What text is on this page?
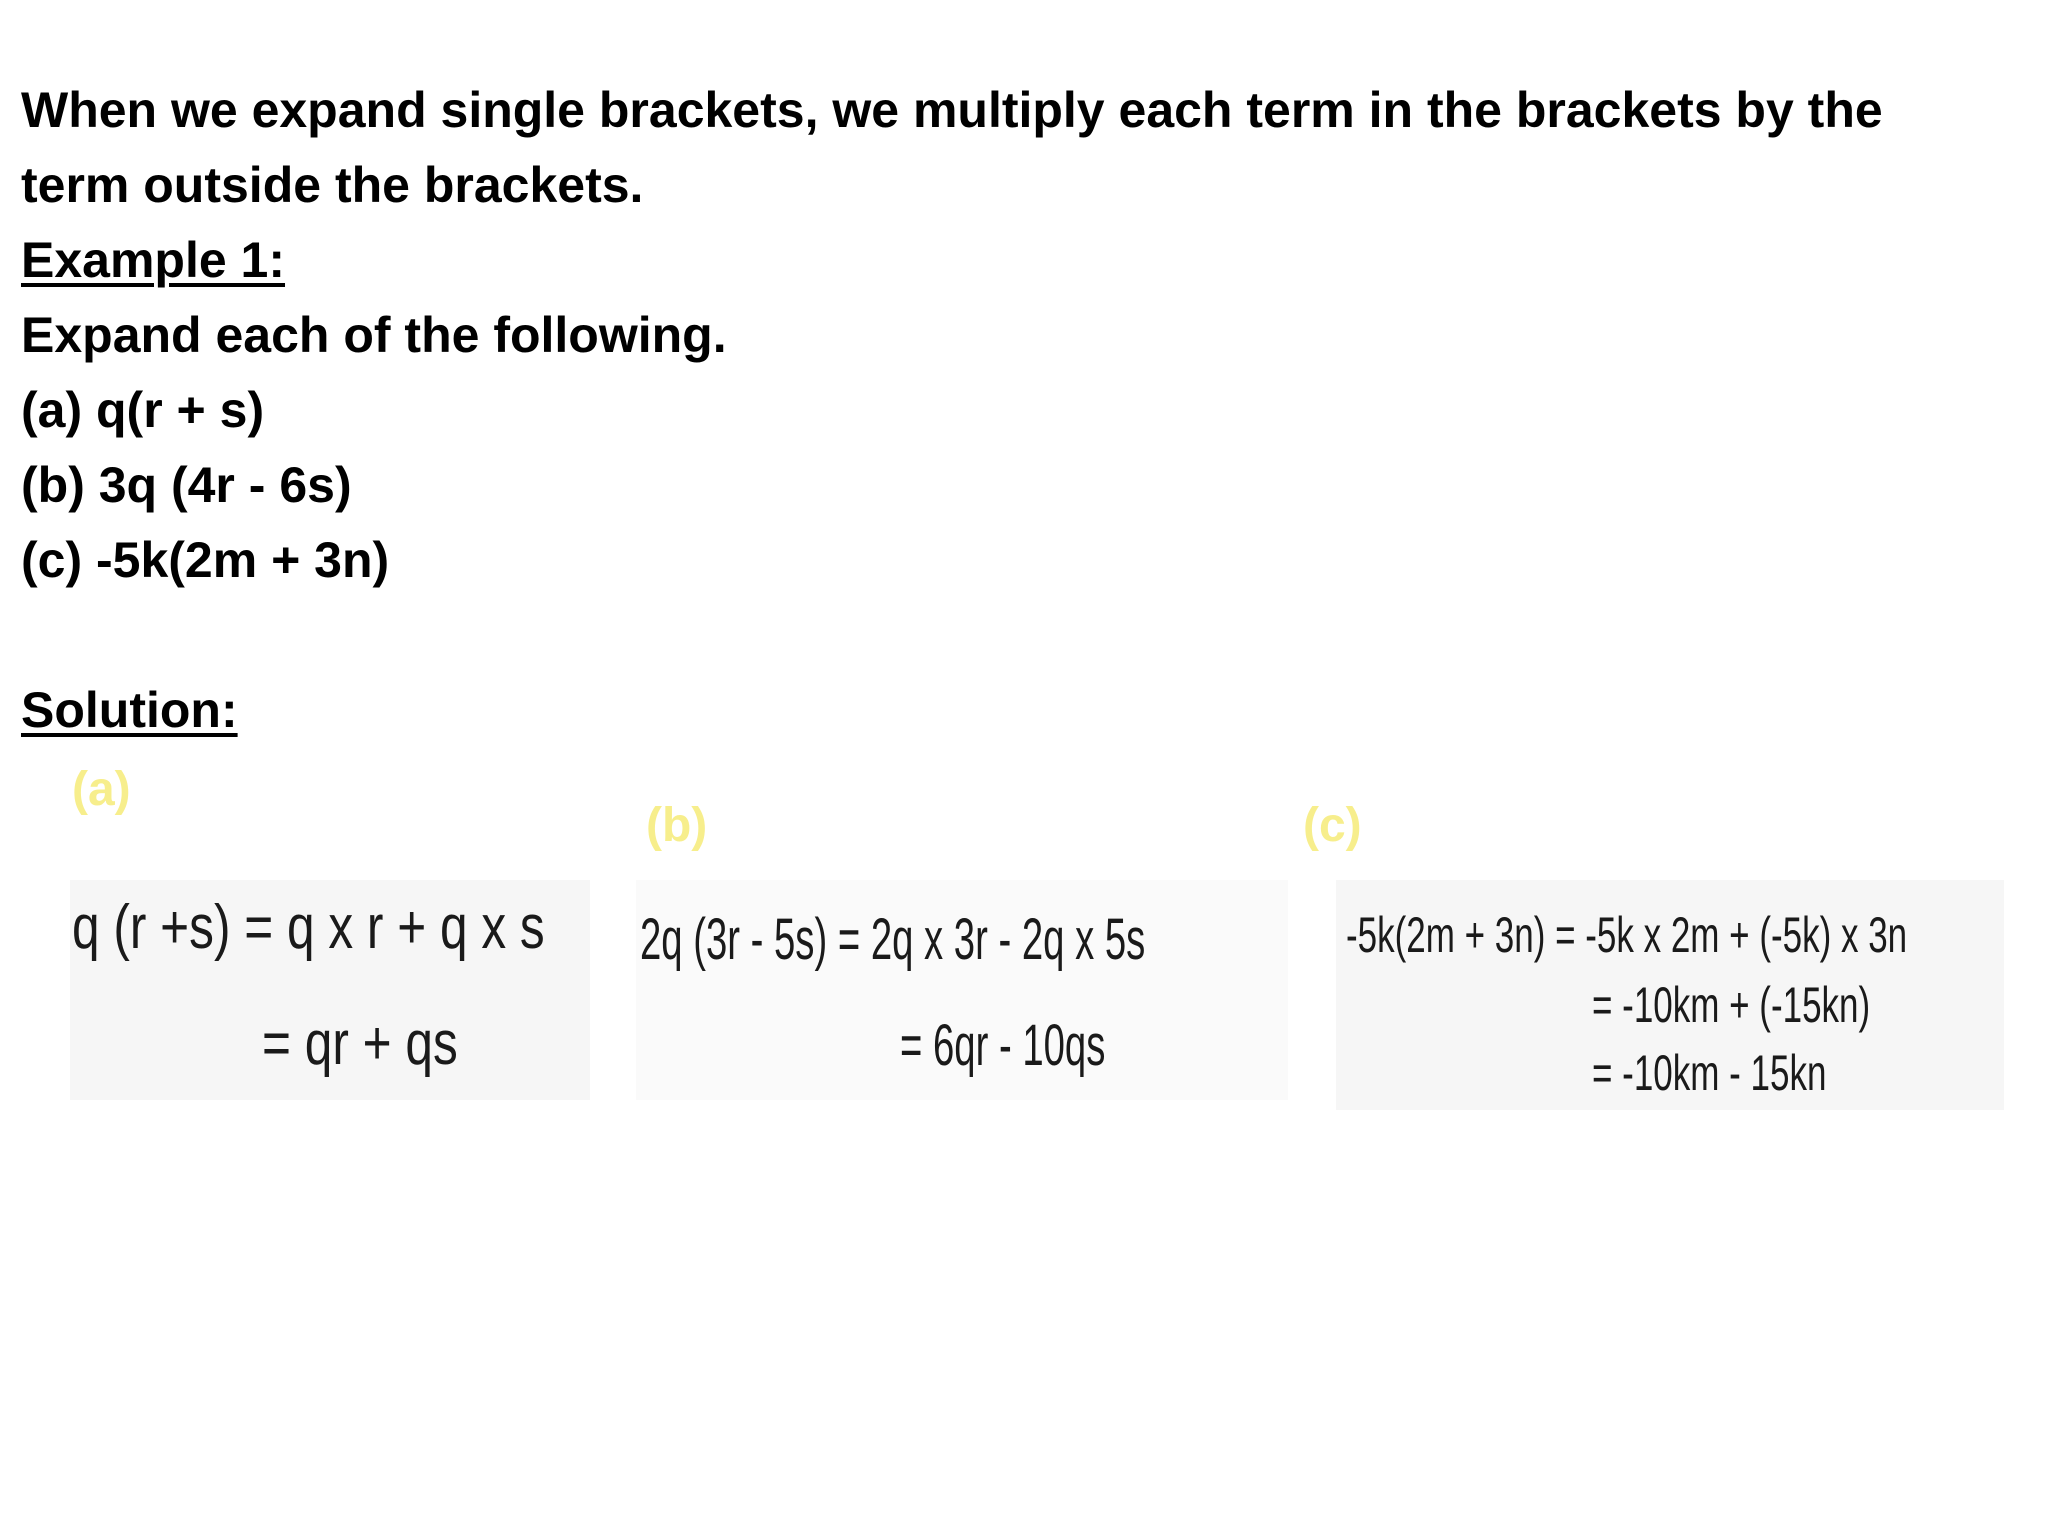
When we expand single brackets, we multiply each term in the brackets by the
term outside the brackets.
Example 1:
Expand each of the following.
(a) q(r + s)
(b) 3q (4r - 6s)
(c) -5k(2m + 3n)
Solution:
(a)
(b)	(c)
q (r +s) = q x r + q x s
= qr + qs
2q (3r - 5s) = 2q x 3r - 2q x 5s
= 6qr - 10qs
-5k(2m + 3n) = -5k x 2m + (-5k) x 3n
= -10km + (-15kn)
= -10km - 15kn
